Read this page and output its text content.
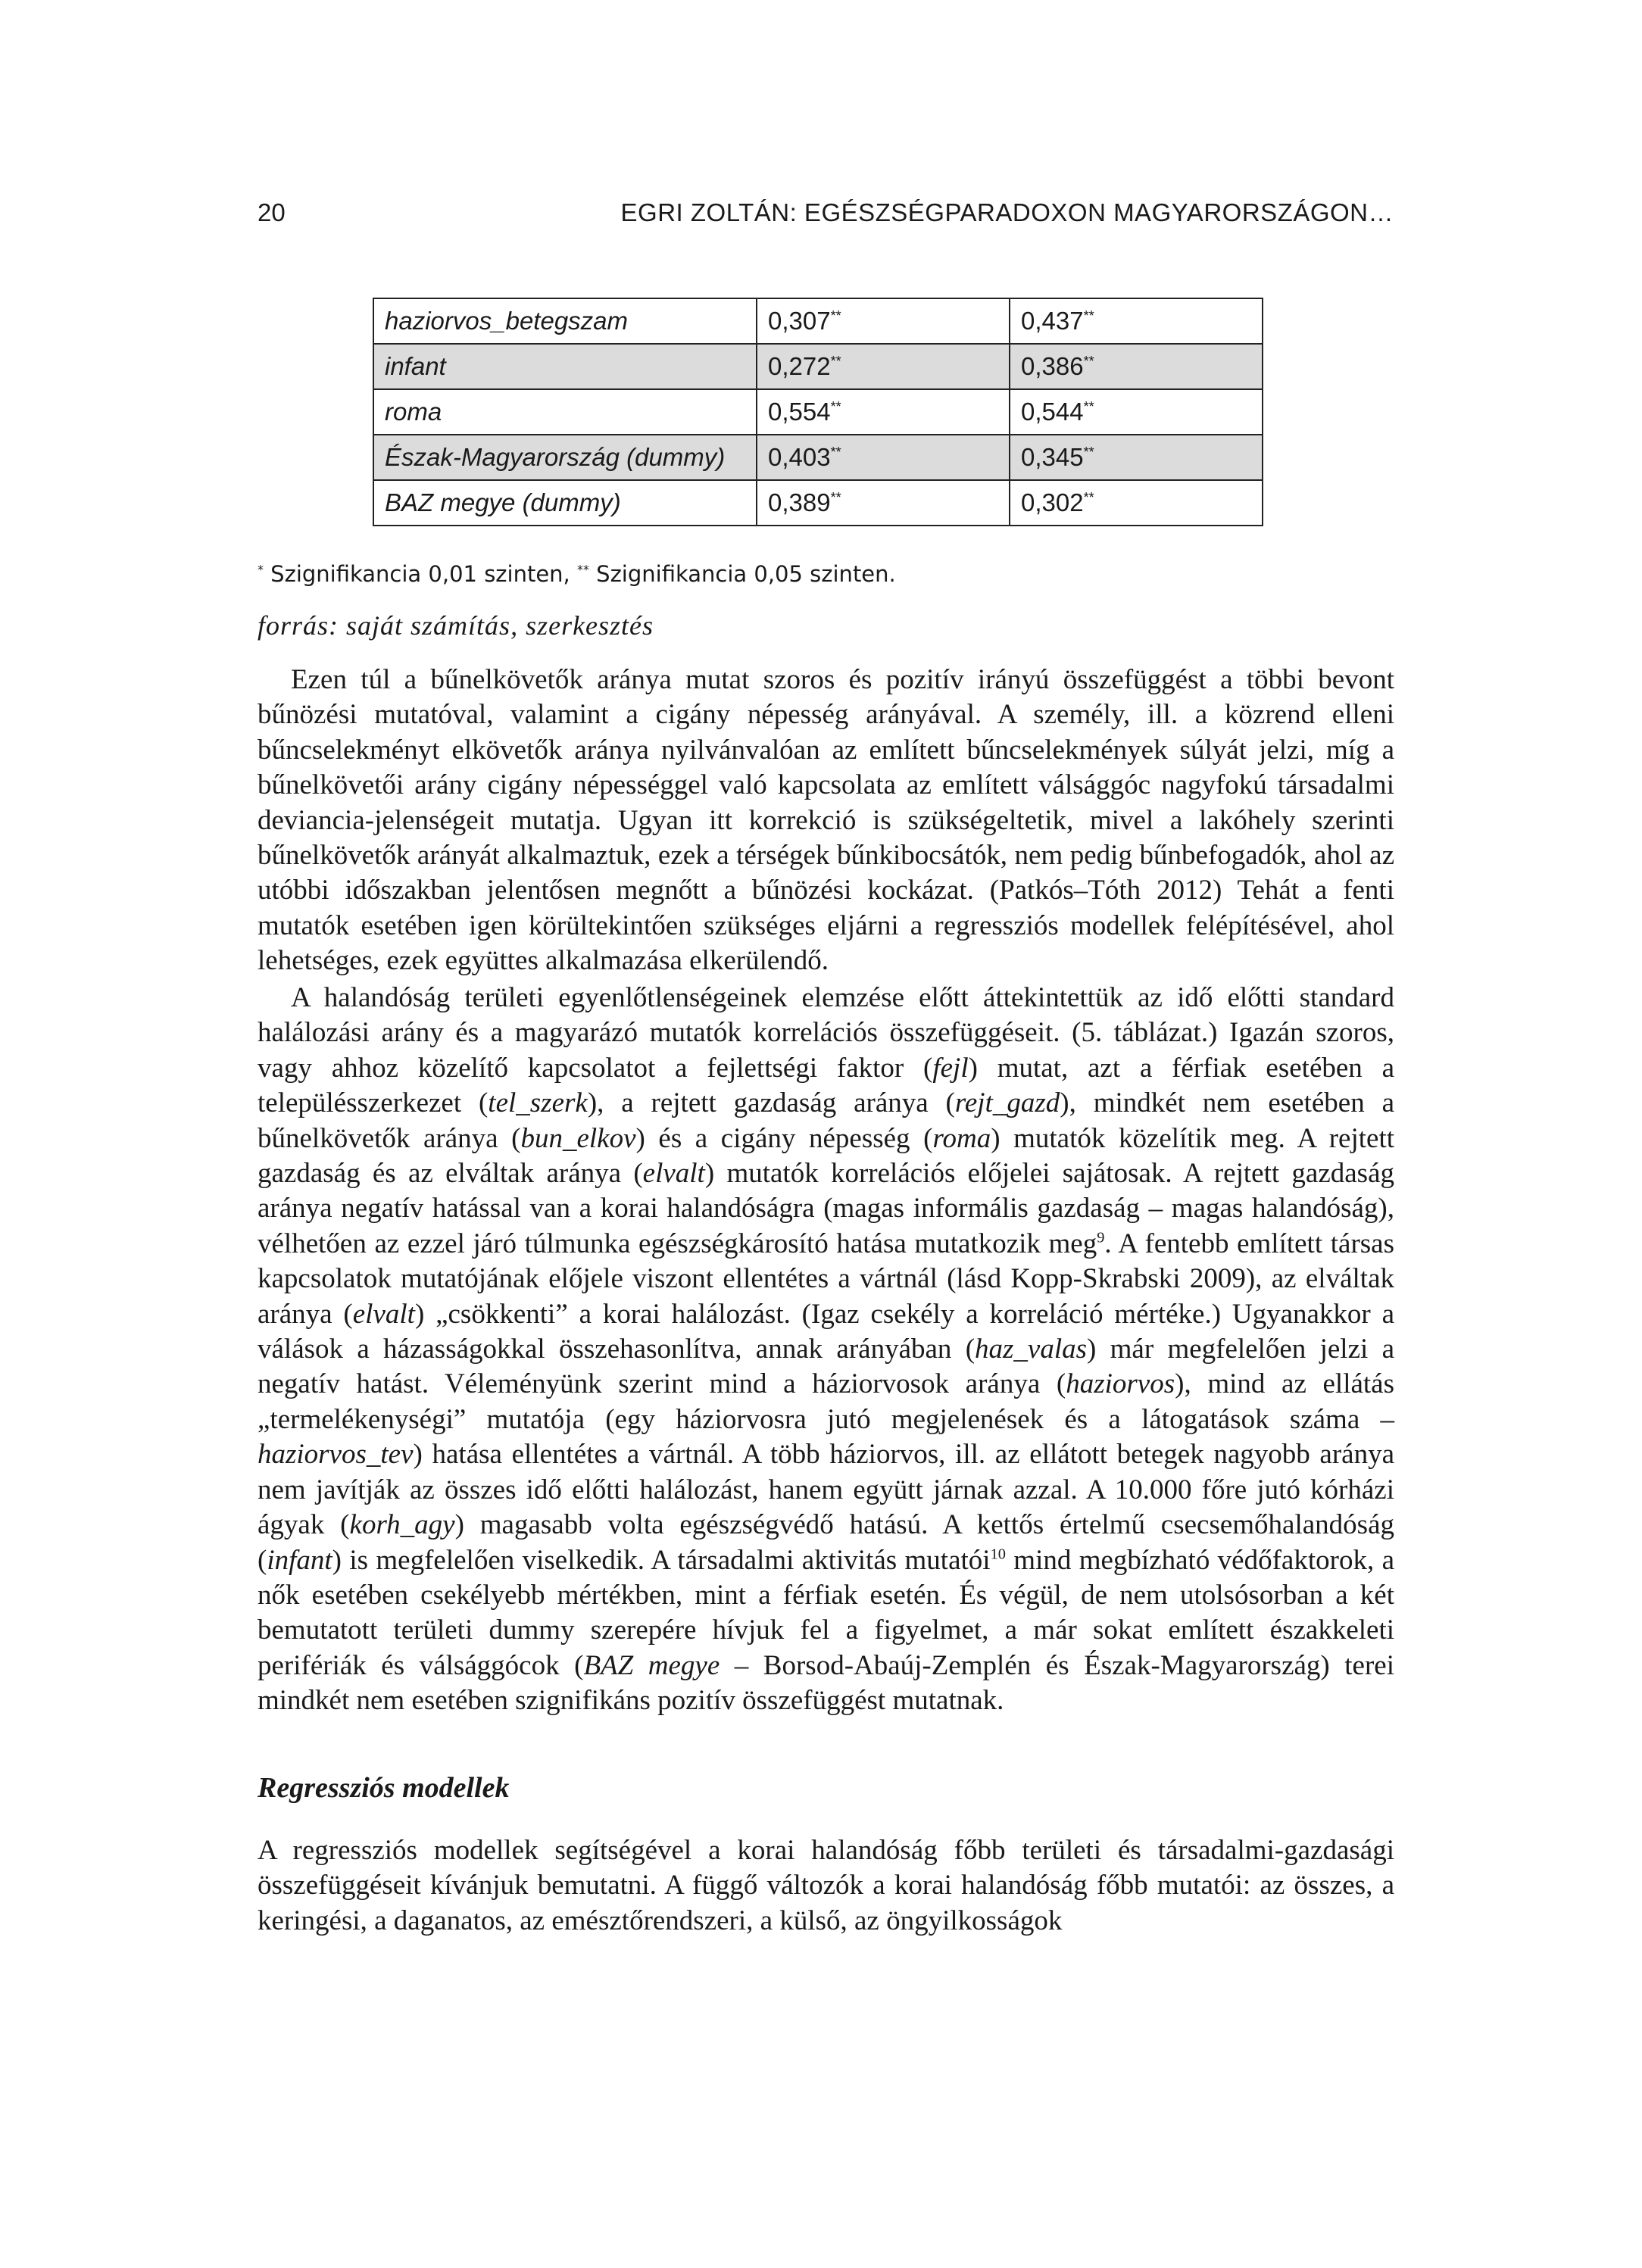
20	EGRI ZOLTÁN: EGÉSZSÉGPARADOXON MAGYARORSZÁGON…
haziorvos_betegszam	0,307**	0,437**
infant	0,272**	0,386**
roma	0,554**	0,544**
Észak-Magyarország (dummy)	0,403**	0,345**
BAZ megye (dummy)	0,389**	0,302**
* Szignifikancia 0,01 szinten, ** Szignifikancia 0,05 szinten.
forrás: saját számítás, szerkesztés

Ezen túl a bűnelkövetők aránya mutat szoros és pozitív irányú összefüggést a többi bevont bűnözési mutatóval, valamint a cigány népesség arányával. A személy, ill. a közrend elleni bűncselekményt elkövetők aránya nyilvánvalóan az említett bűncselekmények súlyát jelzi, míg a bűnelkövetői arány cigány népességgel való kapcsolata az említett válsággóc nagyfokú társadalmi deviancia-jelenségeit mutatja. Ugyan itt korrekció is szükségeltetik, mivel a lakóhely szerinti bűnelkövetők arányát alkalmaztuk, ezek a térségek bűnkibocsátók, nem pedig bűnbefogadók, ahol az utóbbi időszakban jelentősen megnőtt a bűnözési kockázat. (Patkós–Tóth 2012) Tehát a fenti mutatók esetében igen körültekintően szükséges eljárni a regressziós modellek felépítésével, ahol lehetséges, ezek együttes alkalmazása elkerülendő.

A halandóság területi egyenlőtlenségeinek elemzése előtt áttekintettük az idő előtti standard halálozási arány és a magyarázó mutatók korrelációs összefüggéseit. (5. táblázat.) Igazán szoros, vagy ahhoz közelítő kapcsolatot a fejlettségi faktor (fejl) mutat, azt a férfiak esetében a településszerkezet (tel_szerk), a rejtett gazdaság aránya (rejt_gazd), mindkét nem esetében a bűnelkövetők aránya (bun_elkov) és a cigány népesség (roma) mutatók közelítik meg. A rejtett gazdaság és az elváltak aránya (elvalt) mutatók korrelációs előjelei sajátosak. A rejtett gazdaság aránya negatív hatással van a korai halandóságra (magas informális gazdaság – magas halandóság), vélhetően az ezzel járó túlmunka egészségkárosító hatása mutatkozik meg$^9$. A fentebb említett társas kapcsolatok mutatójának előjele viszont ellentétes a vártnál (lásd Kopp-Skrabski 2009), az elváltak aránya (elvalt) „csökkenti” a korai halálozást. (Igaz csekély a korreláció mértéke.) Ugyanakkor a válások a házasságokkal összehasonlítva, annak arányában (haz_valas) már megfelelően jelzi a negatív hatást. Véleményünk szerint mind a háziorvosok aránya (haziorvos), mind az ellátás „termelékenységi” mutatója (egy háziorvosra jutó megjelenések és a látogatások száma – haziorvos_tev) hatása ellentétes a vártnál. A több háziorvos, ill. az ellátott betegek nagyobb aránya nem javítják az összes idő előtti halálozást, hanem együtt járnak azzal. A 10.000 főre jutó kórházi ágyak (korh_agy) magasabb volta egészségvédő hatású. A kettős értelmű csecsemőhalandóság (infant) is megfelelően viselkedik. A társadalmi aktivitás mutatói$^{10}$ mind megbízható védőfaktorok, a nők esetében csekélyebb mértékben, mint a férfiak esetén. És végül, de nem utolsósorban a két bemutatott területi dummy szerepére hívjuk fel a figyelmet, a már sokat említett északkeleti perifériák és válsággócok (BAZ megye – Borsod-Abaúj-Zemplén és Észak-Magyarország) terei mindkét nem esetében szignifikáns pozitív összefüggést mutatnak.

Regressziós modellek

A regressziós modellek segítségével a korai halandóság főbb területi és társadalmi-gazdasági összefüggéseit kívánjuk bemutatni. A függő változók a korai halandóság főbb mutatói: az összes, a keringési, a daganatos, az emésztőrendszeri, a külső, az öngyilkosságok
